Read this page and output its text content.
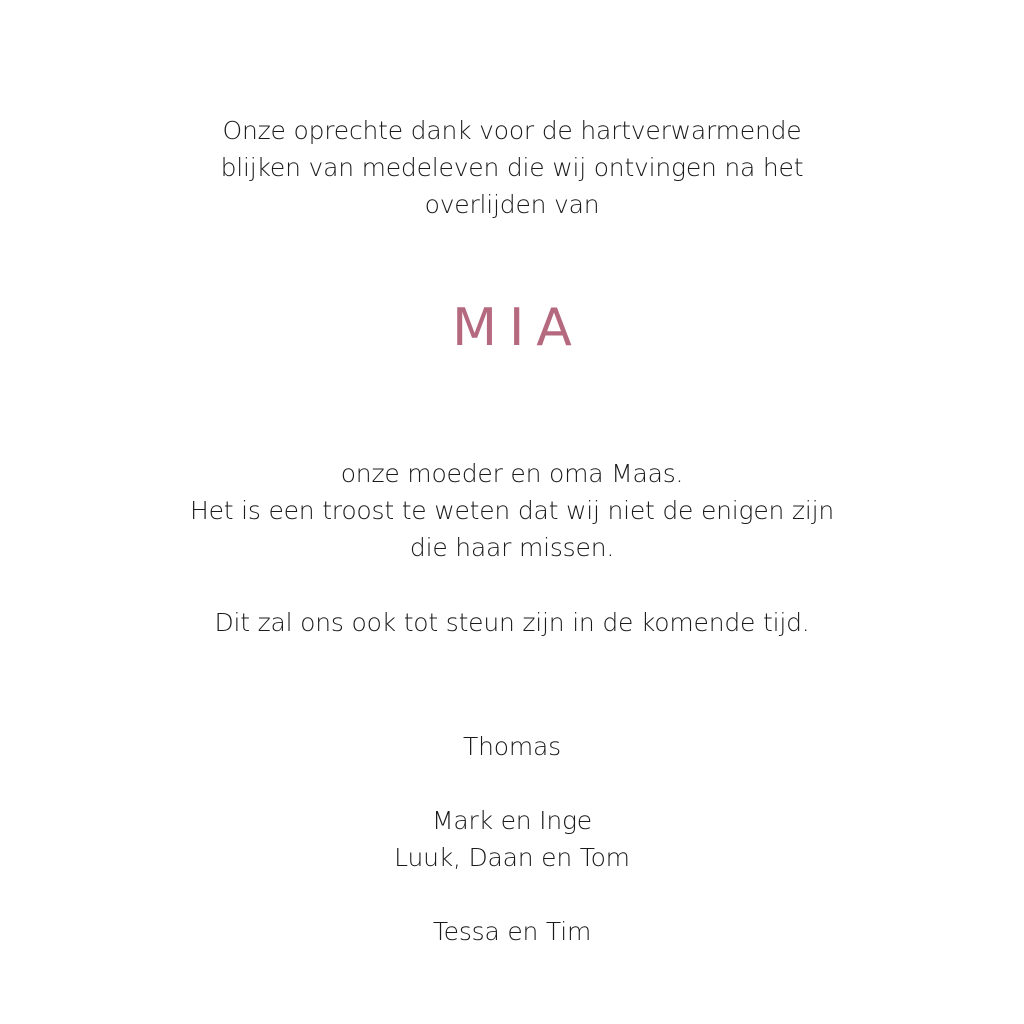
Onze oprechte dank voor de hartverwarmende
blijken van medeleven die wij ontvingen na het
overlijden van
MIA
onze moeder en oma Maas.
Het is een troost te weten dat wij niet de enigen zijn
die haar missen.
Dit zal ons ook tot steun zijn in de komende tijd.
Thomas
Mark en Inge
Luuk, Daan en Tom
Tessa en Tim
